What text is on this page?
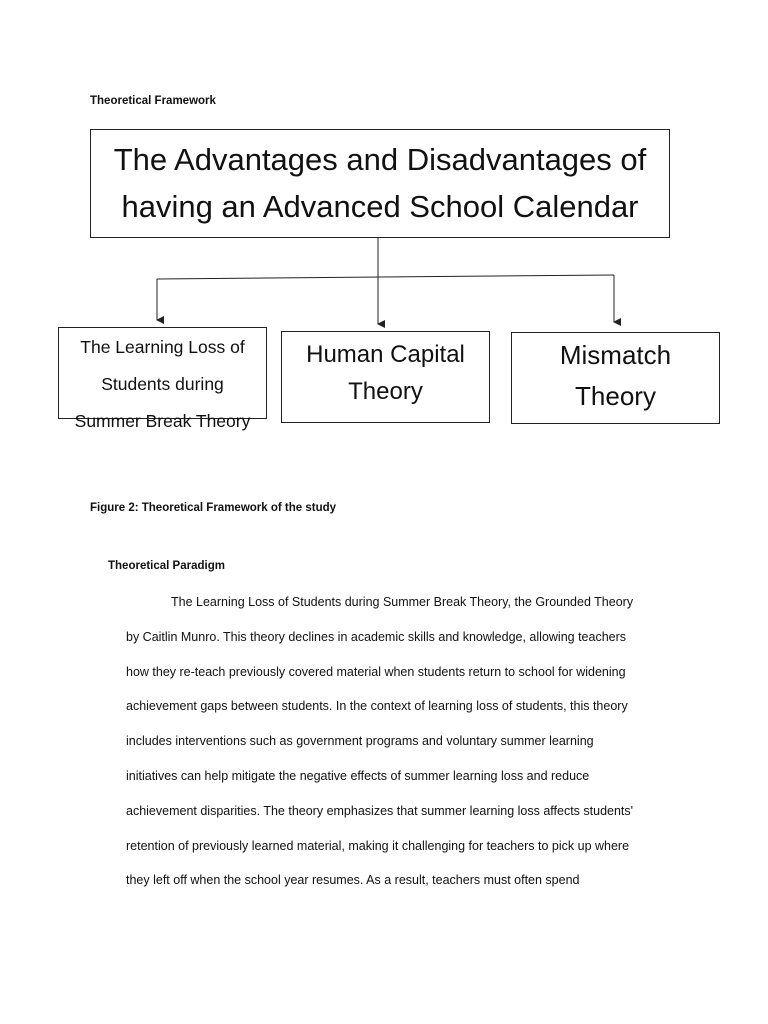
Theoretical Framework
The Advantages and Disadvantages of
having an Advanced School Calendar
The Learning Loss of
Students during
Summer Break Theory
Human Capital
Theory
Mismatch
Theory
Figure 2: Theoretical Framework of the study
Theoretical Paradigm
The Learning Loss of Students during Summer Break Theory, the Grounded Theory
by Caitlin Munro. This theory declines in academic skills and knowledge, allowing teachers
how they re-teach previously covered material when students return to school for widening
achievement gaps between students. In the context of learning loss of students, this theory
includes interventions such as government programs and voluntary summer learning
initiatives can help mitigate the negative effects of summer learning loss and reduce
achievement disparities. The theory emphasizes that summer learning loss affects students'
retention of previously learned material, making it challenging for teachers to pick up where
they left off when the school year resumes. As a result, teachers must often spend
